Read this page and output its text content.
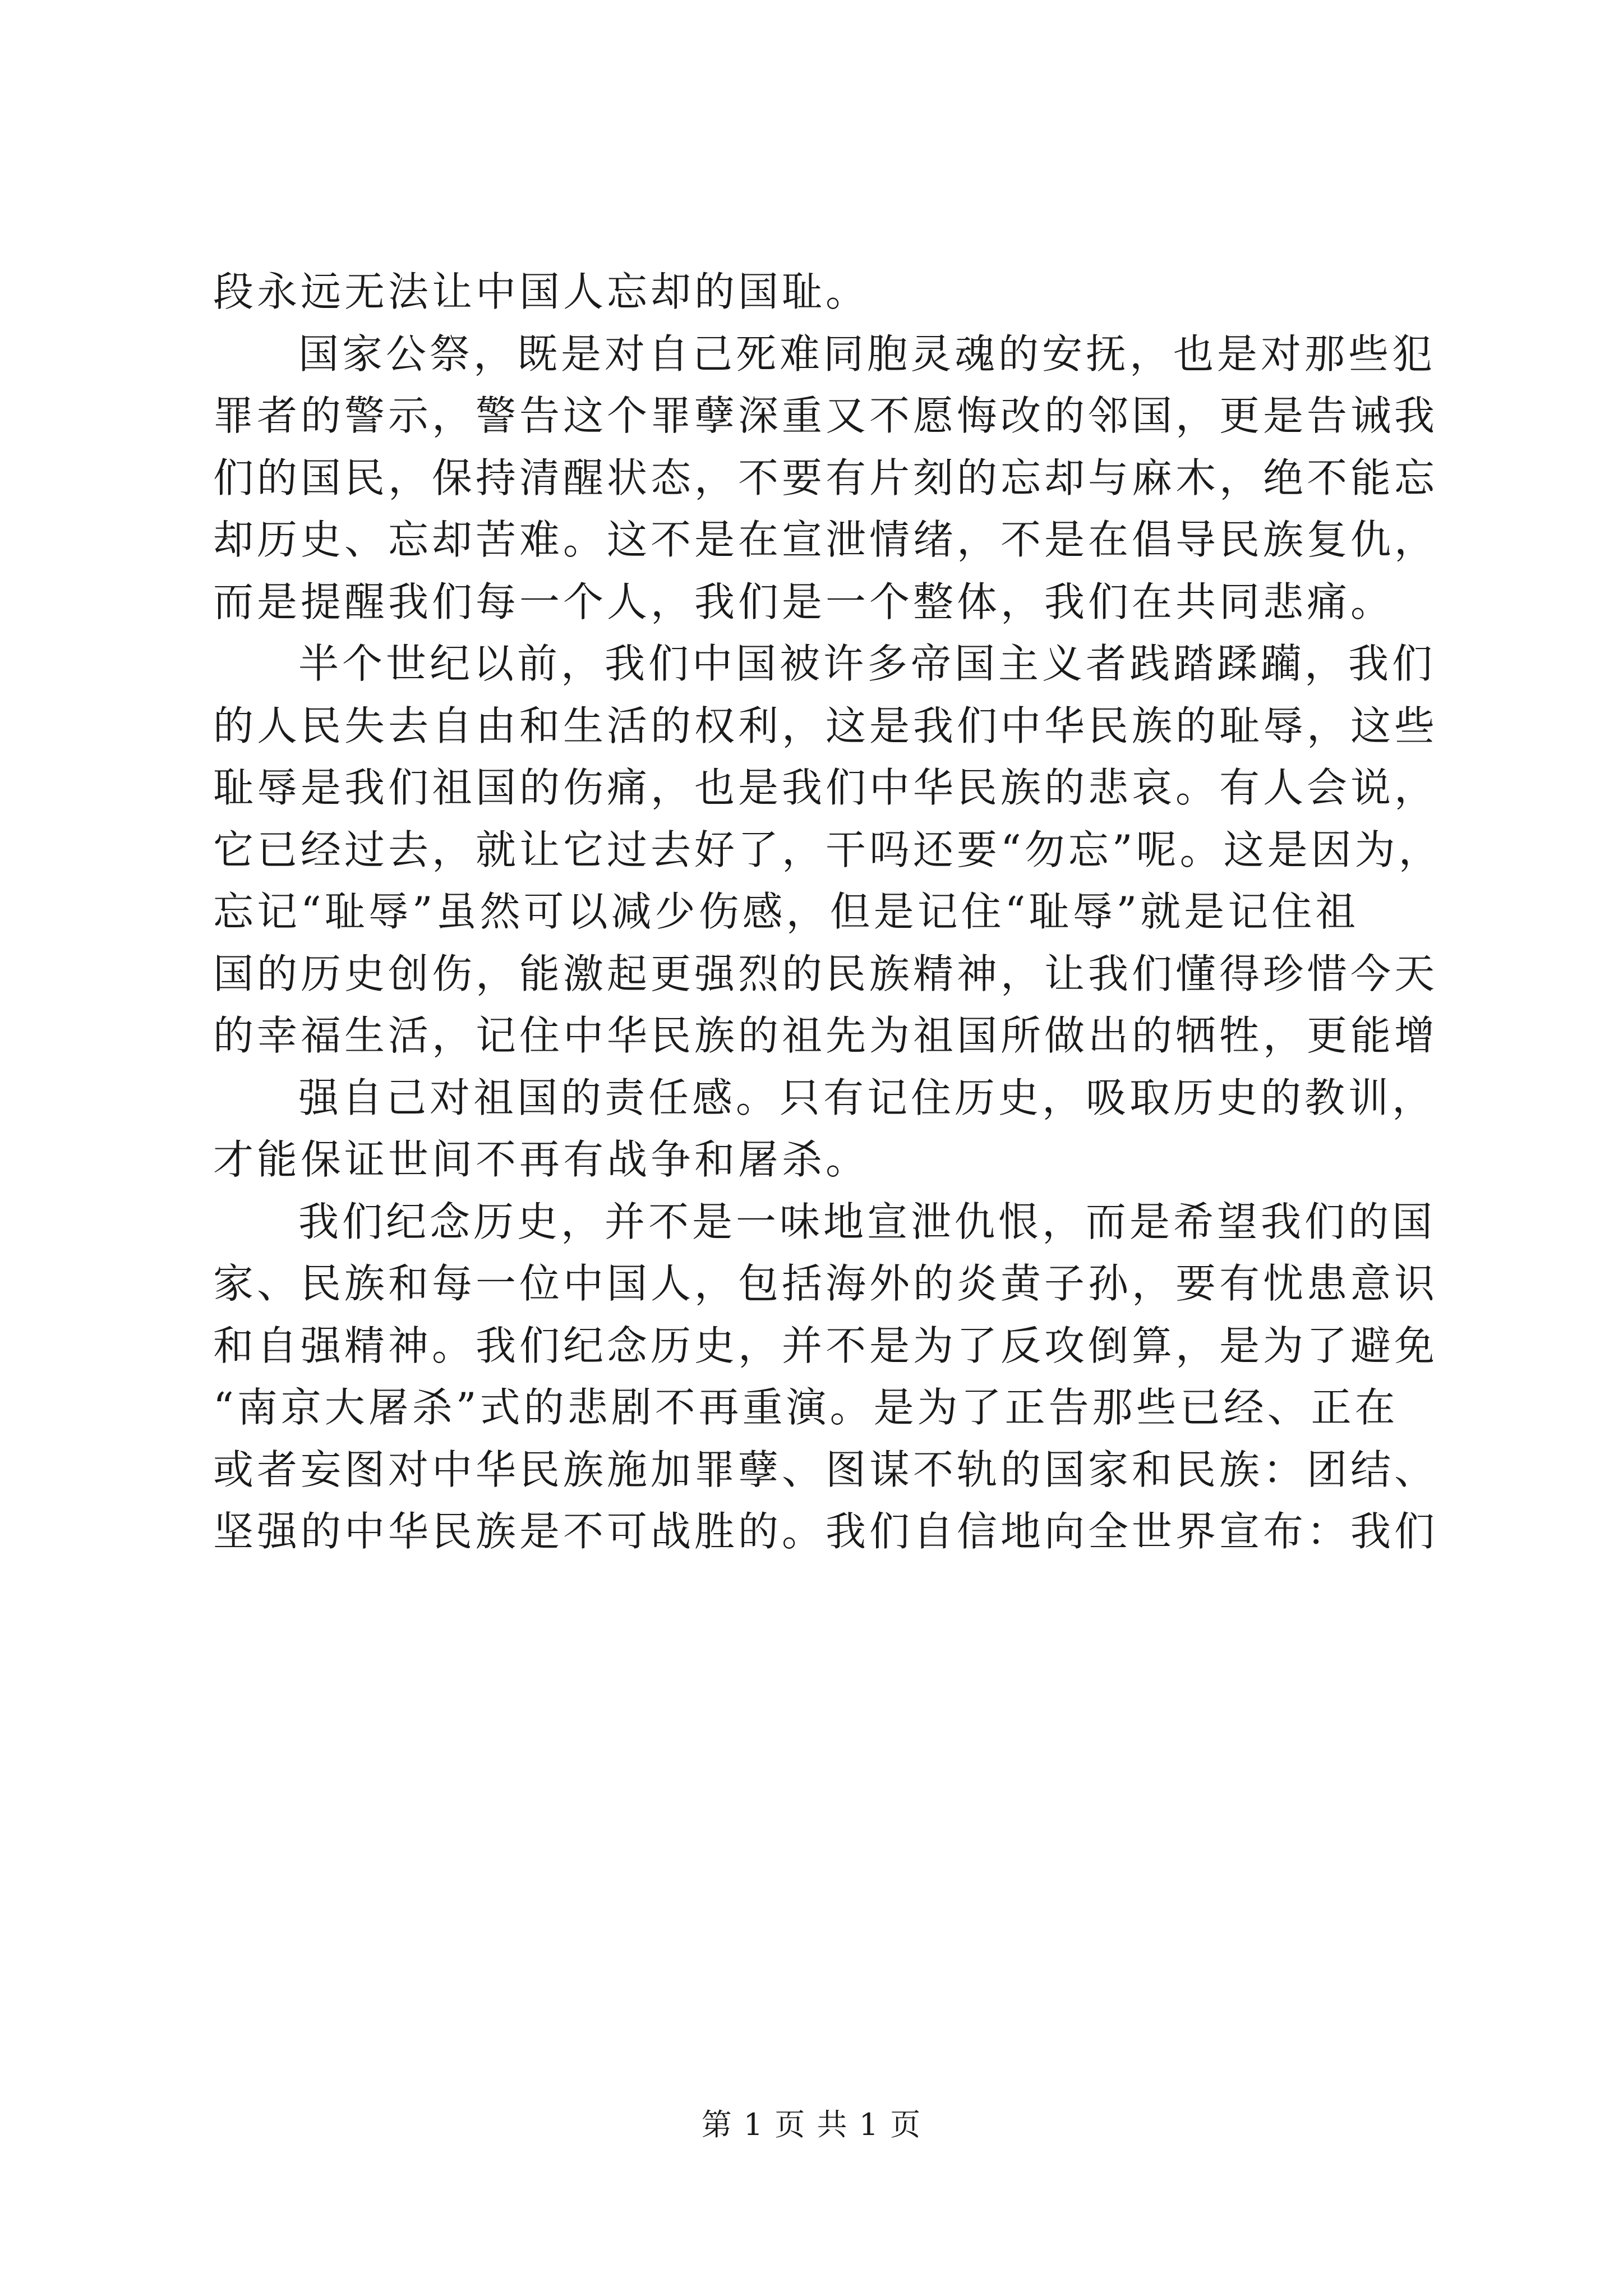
段永远无法让中国人忘却的国耻。
国家公祭，既是对自己死难同胞灵魂的安抚，也是对那些犯
罪者的警示，警告这个罪孽深重又不愿悔改的邻国，更是告诫我
们的国民，保持清醒状态，不要有片刻的忘却与麻木，绝不能忘
却历史、忘却苦难。这不是在宣泄情绪，不是在倡导民族复仇，
而是提醒我们每一个人，我们是一个整体，我们在共同悲痛。
半个世纪以前，我们中国被许多帝国主义者践踏蹂躏，我们
的人民失去自由和生活的权利，这是我们中华民族的耻辱，这些
耻辱是我们祖国的伤痛，也是我们中华民族的悲哀。有人会说，
它已经过去，就让它过去好了，干吗还要“勿忘”呢。这是因为，
忘记“耻辱”虽然可以减少伤感，但是记住“耻辱”就是记住祖
国的历史创伤，能激起更强烈的民族精神，让我们懂得珍惜今天
的幸福生活，记住中华民族的祖先为祖国所做出的牺牲，更能增
强自己对祖国的责任感。只有记住历史，吸取历史的教训，
才能保证世间不再有战争和屠杀。
我们纪念历史，并不是一味地宣泄仇恨，而是希望我们的国
家、民族和每一位中国人，包括海外的炎黄子孙，要有忧患意识
和自强精神。我们纪念历史，并不是为了反攻倒算，是为了避免
“南京大屠杀”式的悲剧不再重演。是为了正告那些已经、正在
或者妄图对中华民族施加罪孽、图谋不轨的国家和民族：团结、
坚强的中华民族是不可战胜的。我们自信地向全世界宣布：我们
第 1 页 共 1 页
